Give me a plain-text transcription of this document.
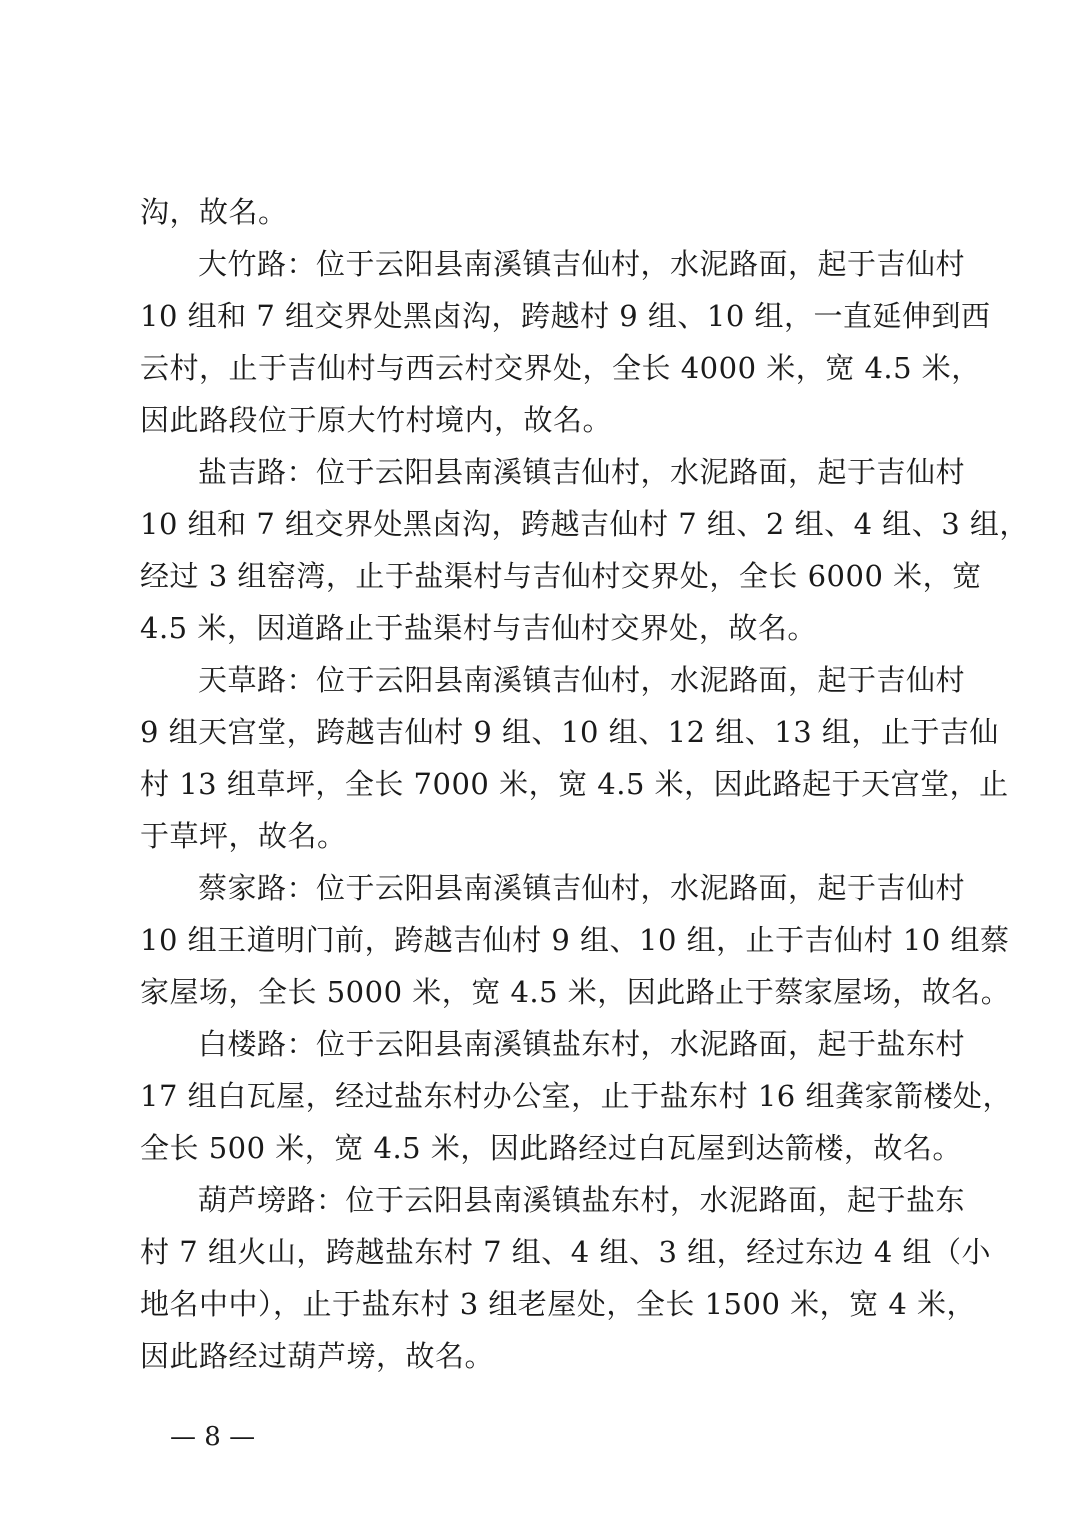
沟，故名。
大竹路：位于云阳县南溪镇吉仙村，水泥路面，起于吉仙村
10 组和 7 组交界处黑卤沟，跨越村 9 组、10 组，一直延伸到西
云村，止于吉仙村与西云村交界处，全长 4000 米，宽 4.5 米，
因此路段位于原大竹村境内，故名。
盐吉路：位于云阳县南溪镇吉仙村，水泥路面，起于吉仙村
10 组和 7 组交界处黑卤沟，跨越吉仙村 7 组、2 组、4 组、3 组，
经过 3 组窑湾，止于盐渠村与吉仙村交界处，全长 6000 米，宽
4.5 米，因道路止于盐渠村与吉仙村交界处，故名。
天草路：位于云阳县南溪镇吉仙村，水泥路面，起于吉仙村
9 组天宫堂，跨越吉仙村 9 组、10 组、12 组、13 组，止于吉仙
村 13 组草坪，全长 7000 米，宽 4.5 米，因此路起于天宫堂，止
于草坪，故名。
蔡家路：位于云阳县南溪镇吉仙村，水泥路面，起于吉仙村
10 组王道明门前，跨越吉仙村 9 组、10 组，止于吉仙村 10 组蔡
家屋场，全长 5000 米，宽 4.5 米，因此路止于蔡家屋场，故名。
白楼路：位于云阳县南溪镇盐东村，水泥路面，起于盐东村
17 组白瓦屋，经过盐东村办公室，止于盐东村 16 组龚家箭楼处，
全长 500 米，宽 4.5 米，因此路经过白瓦屋到达箭楼，故名。
葫芦塝路：位于云阳县南溪镇盐东村，水泥路面，起于盐东
村 7 组火山，跨越盐东村 7 组、4 组、3 组，经过东边 4 组（小
地名中中），止于盐东村 3 组老屋处，全长 1500 米，宽 4 米，
因此路经过葫芦塝，故名。
— 8 —
